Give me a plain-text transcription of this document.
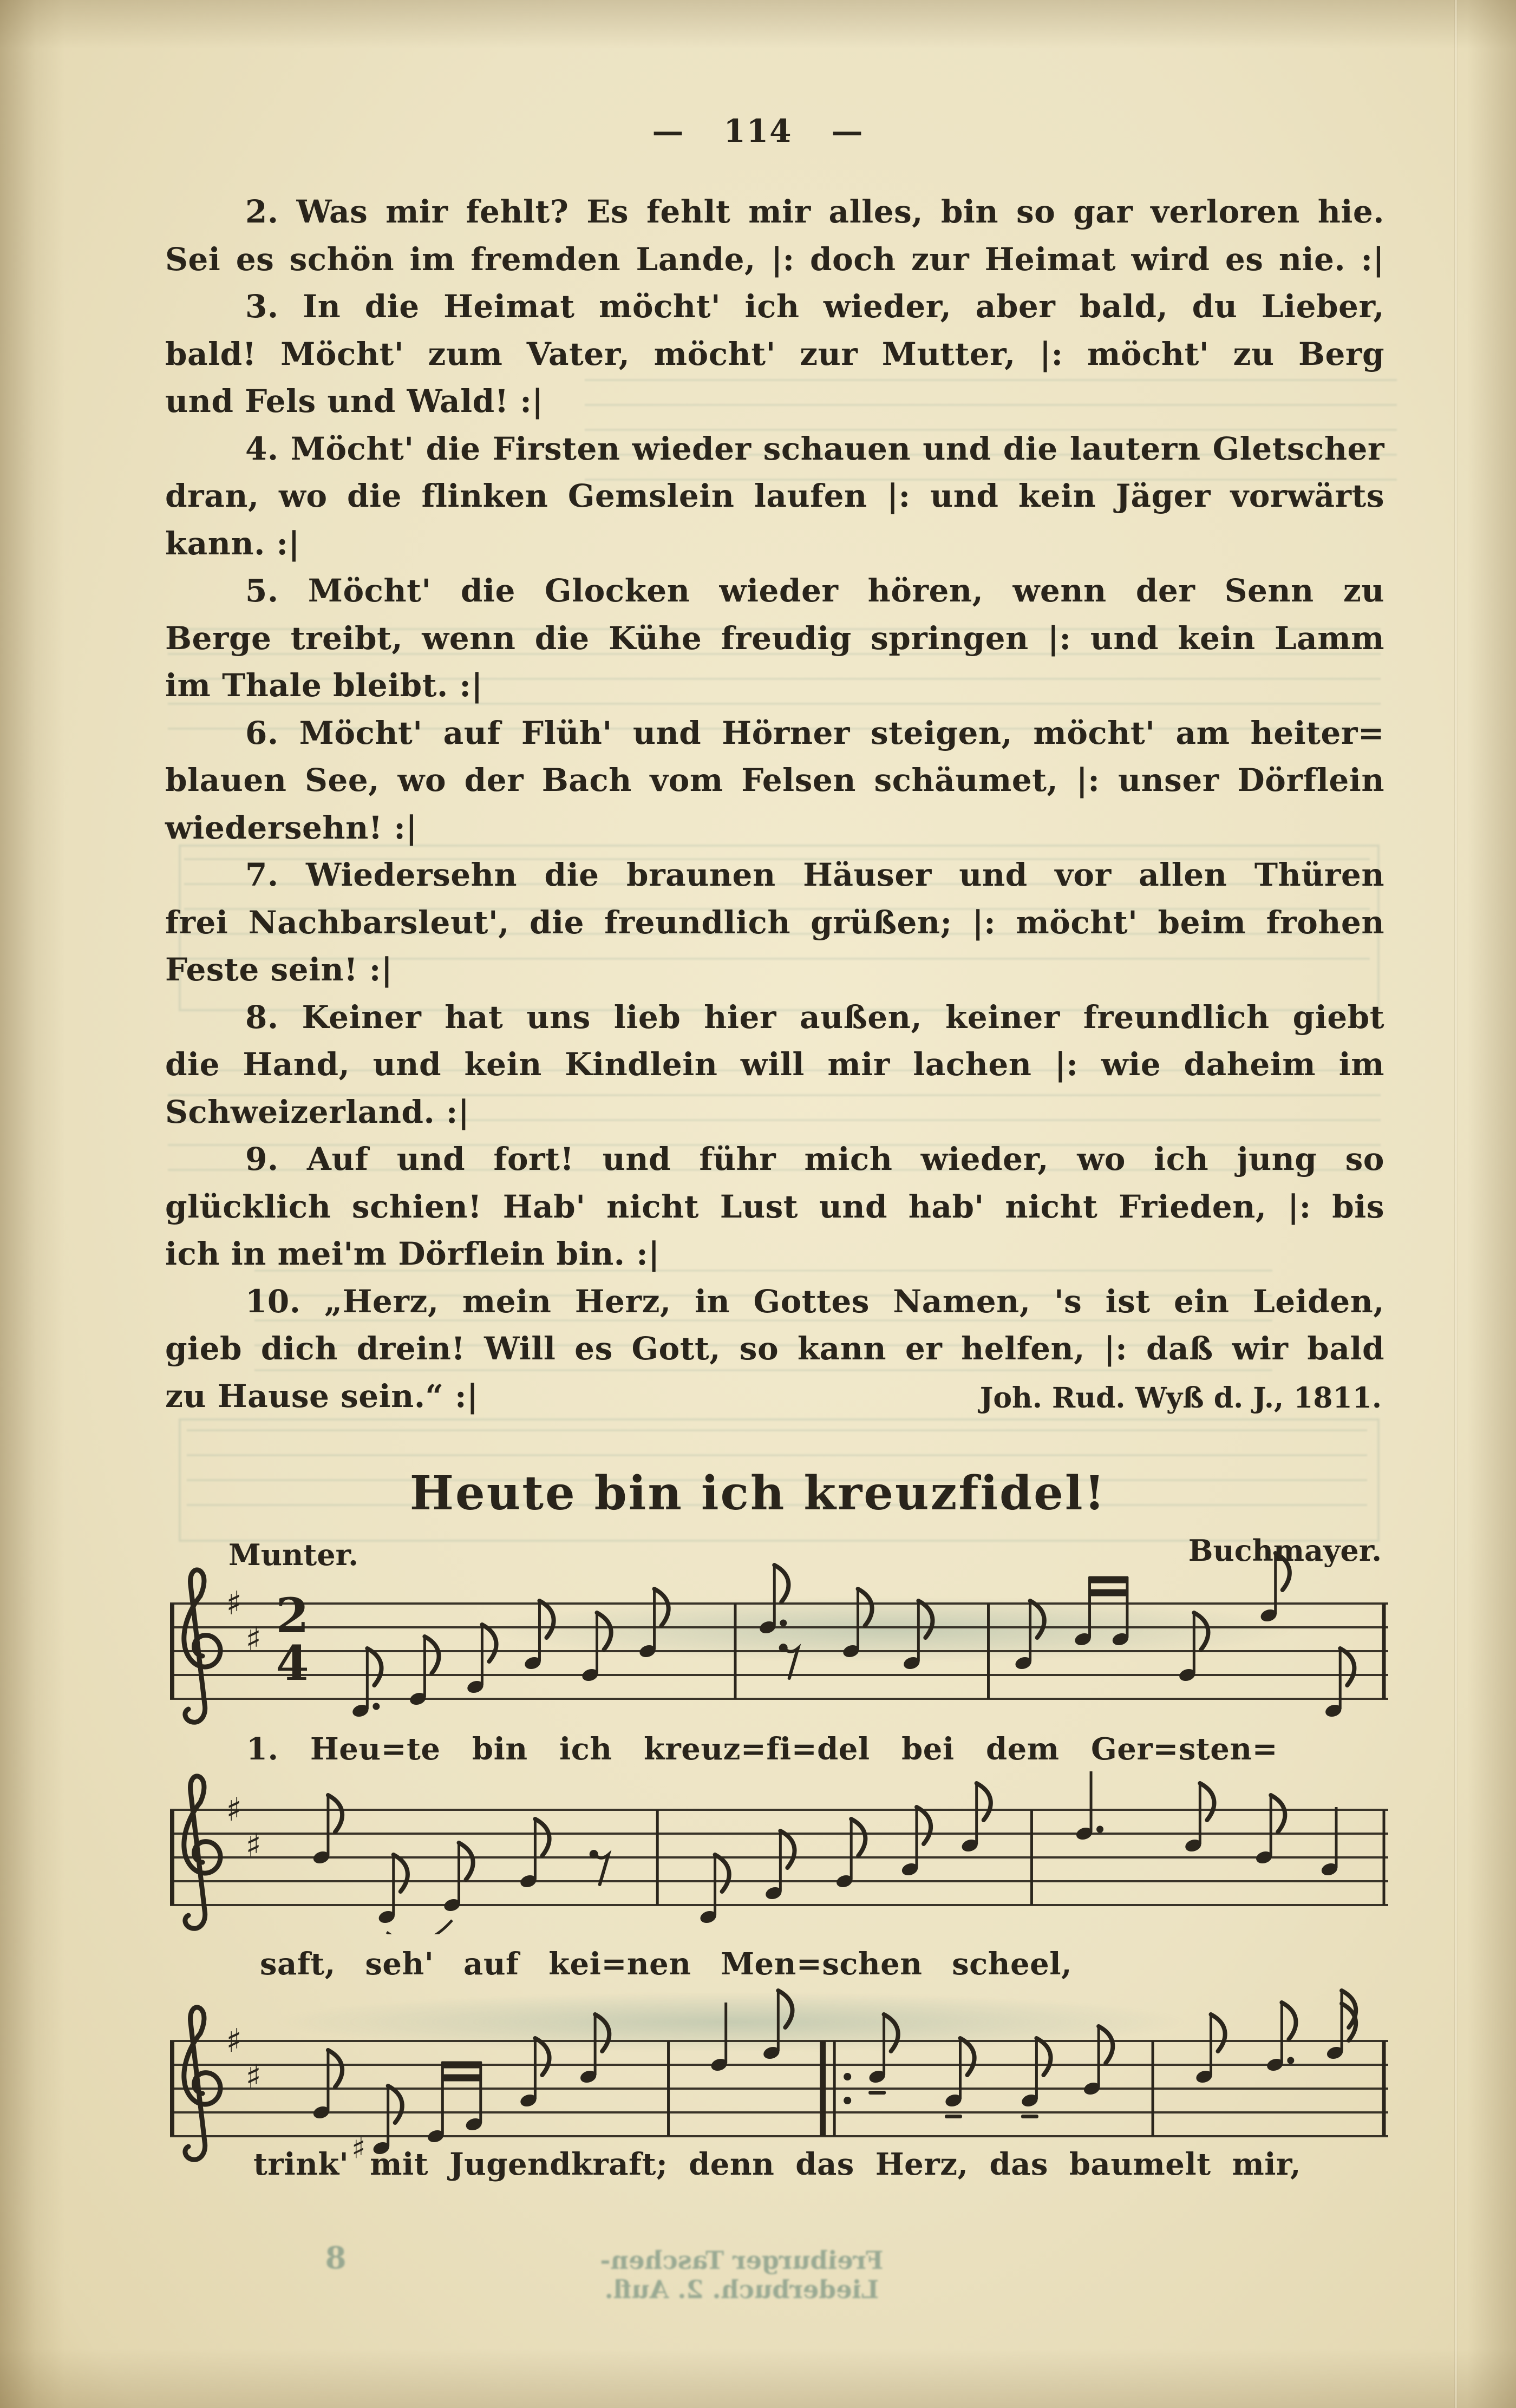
— 114 —
2. Was mir fehlt? Es fehlt mir alles, bin so gar verloren hie.
Sei es schön im fremden Lande, |: doch zur Heimat wird es nie. :|
3. In die Heimat möcht' ich wieder, aber bald, du Lieber,
bald! Möcht' zum Vater, möcht' zur Mutter, |: möcht' zu Berg
und Fels und Wald! :|
4. Möcht' die Firsten wieder schauen und die lautern Gletscher
dran, wo die flinken Gemslein laufen |: und kein Jäger vorwärts
kann. :|
5. Möcht' die Glocken wieder hören, wenn der Senn zu
Berge treibt, wenn die Kühe freudig springen |: und kein Lamm
im Thale bleibt. :|
6. Möcht' auf Flüh' und Hörner steigen, möcht' am heiter=
blauen See, wo der Bach vom Felsen schäumet, |: unser Dörflein
wiedersehn! :|
7. Wiedersehn die braunen Häuser und vor allen Thüren
frei Nachbarsleut', die freundlich grüßen; |: möcht' beim frohen
Feste sein! :|
8. Keiner hat uns lieb hier außen, keiner freundlich giebt
die Hand, und kein Kindlein will mir lachen |: wie daheim im
Schweizerland. :|
9. Auf und fort! und führ mich wieder, wo ich jung so
glücklich schien! Hab' nicht Lust und hab' nicht Frieden, |: bis
ich in mei'm Dörflein bin. :|
10. „Herz, mein Herz, in Gottes Namen, 's ist ein Leiden,
gieb dich drein! Will es Gott, so kann er helfen, |: daß wir bald
zu Hause sein.“ :|	Joh. Rud. Wyß d. J., 1811.
Heute bin ich kreuzfidel!
Munter.	Buchmayer.
♯
♯ 2
4
♯
♯
♯
♯
♯
1. Heu=te bin ich kreuz=fi=del bei dem Ger=sten=
saft, seh' auf kei=nen Men=schen scheel,
trink' mit Jugendkraft; denn das Herz, das baumelt mir,
8	Freiburger Taschen-Liederbuch. 2. Aufl.
